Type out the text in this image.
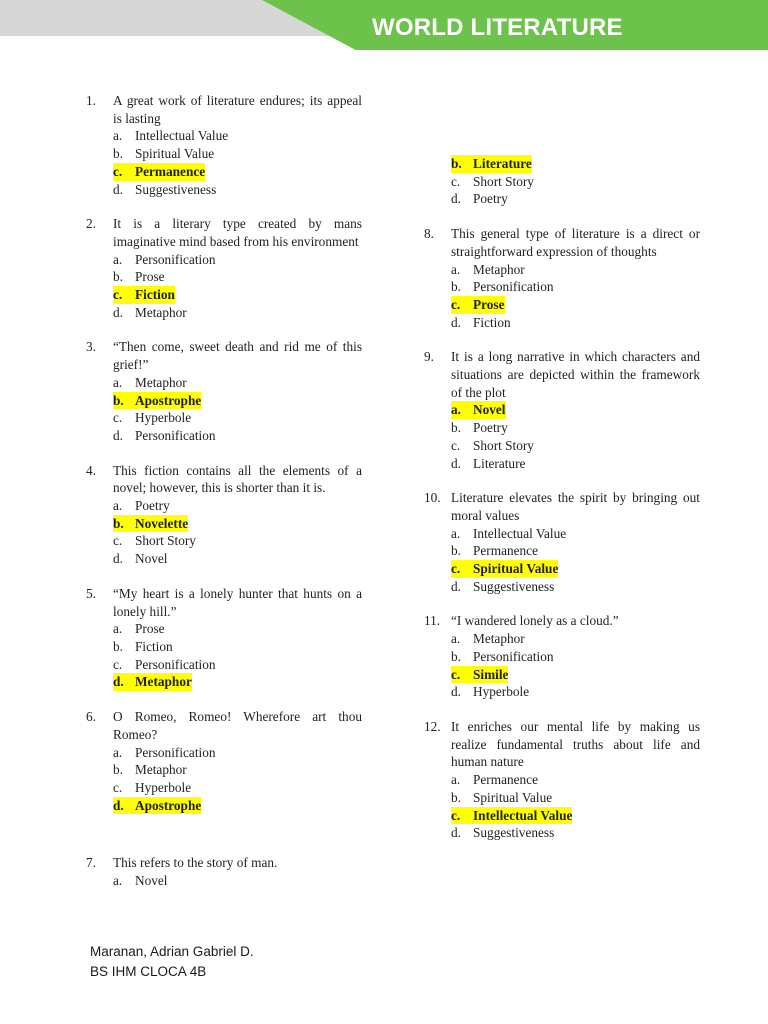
WORLD LITERATURE
1.	A great work of literature endures; its appeal is lasting
a. Intellectual Value
b. Spiritual Value
c. Permanence
d. Suggestiveness
2.	It is a literary type created by mans imaginative mind based from his environment
a. Personification
b. Prose
c. Fiction
d. Metaphor
3.	“Then come, sweet death and rid me of this grief!”
a. Metaphor
b. Apostrophe
c. Hyperbole
d. Personification
4.	This fiction contains all the elements of a novel; however, this is shorter than it is.
a. Poetry
b. Novelette
c. Short Story
d. Novel
5.	“My heart is a lonely hunter that hunts on a lonely hill.”
a. Prose
b. Fiction
c. Personification
d. Metaphor
6.	O Romeo, Romeo! Wherefore art thou Romeo?
a. Personification
b. Metaphor
c. Hyperbole
d. Apostrophe
7.	This refers to the story of man.
a. Novel
b. Literature
c. Short Story
d. Poetry
8.	This general type of literature is a direct or straightforward expression of thoughts
a. Metaphor
b. Personification
c. Prose
d. Fiction
9.	It is a long narrative in which characters and situations are depicted within the framework of the plot
a. Novel
b. Poetry
c. Short Story
d. Literature
10. Literature elevates the spirit by bringing out moral values
a. Intellectual Value
b. Permanence
c. Spiritual Value
d. Suggestiveness
11. “I wandered lonely as a cloud.”
a. Metaphor
b. Personification
c. Simile
d. Hyperbole
12. It enriches our mental life by making us realize fundamental truths about life and human nature
a. Permanence
b. Spiritual Value
c. Intellectual Value
d. Suggestiveness
Maranan, Adrian Gabriel D.
BS IHM CLOCA 4B
